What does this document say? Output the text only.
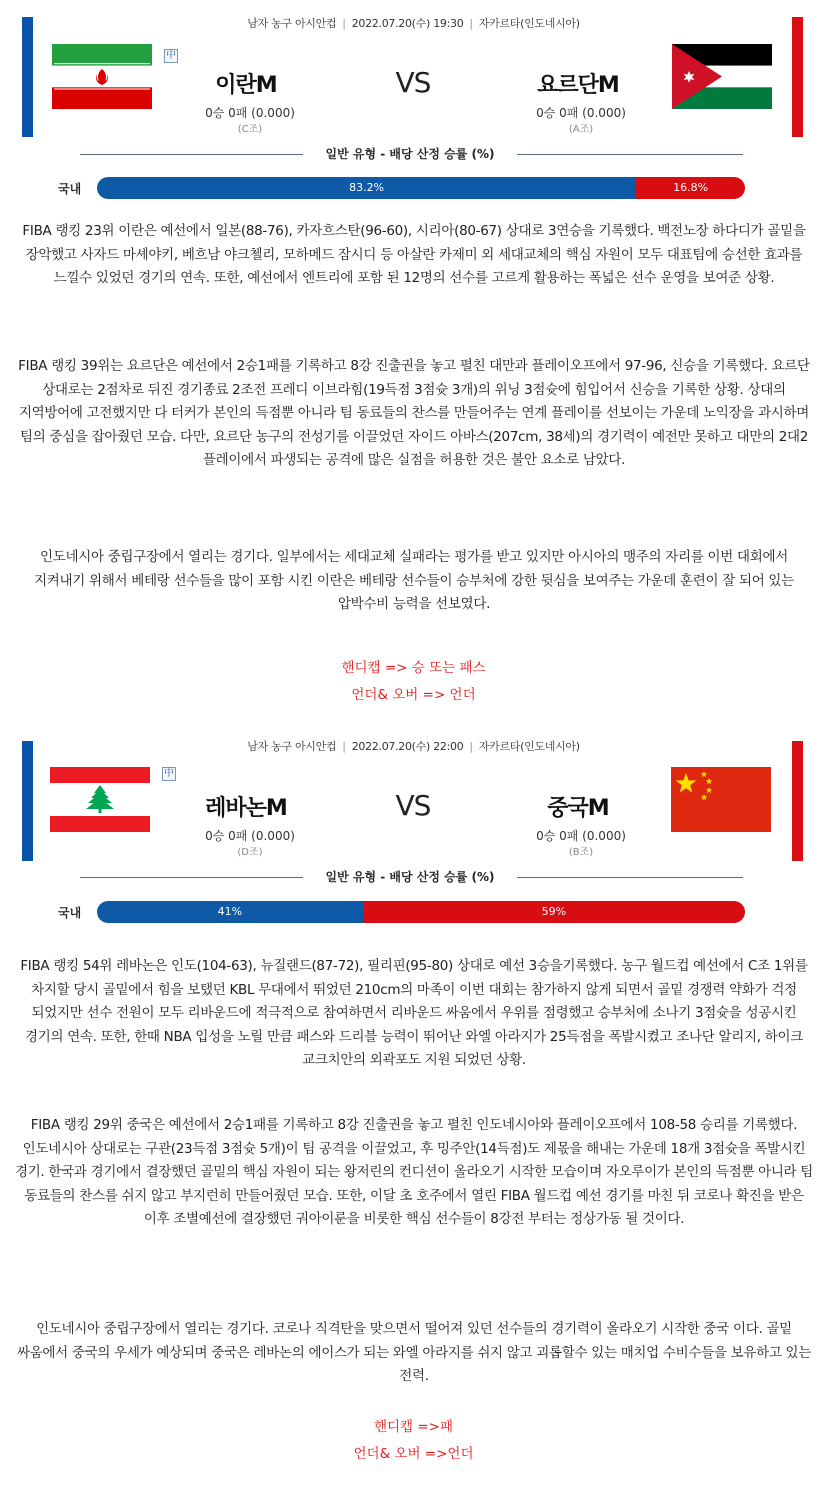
남자 농구 아시안컵 | 2022.07.20(수) 19:30 | 자카르타(인도네시아)
中
이란M	VS	요르단M
0승 0패 (0.000)
(C조)
0승 0패 (0.000)
(A조)
일반 유형 - 배당 산정 승률 (%)
국내	83.2%	16.8%

FIBA 랭킹 23위 이란은 예선에서 일본(88-76), 카자흐스탄(96-60), 시리아(80-67) 상대로 3연승을 기록했다. 백전노장 하다디가 골밑을 장악했고 사자드 마셰야키, 베흐남 야크첼리, 모하메드 잠시디 등 아살란 카제미 외 세대교체의 핵심 자원이 모두 대표팀에 승선한 효과를 느낄수 있었던 경기의 연속. 또한, 예선에서 엔트리에 포함 된 12명의 선수를 고르게 활용하는 폭넓은 선수 운영을 보여준 상황.

FIBA 랭킹 39위는 요르단은 예선에서 2승1패를 기록하고 8강 진출권을 놓고 펼친 대만과 플레이오프에서 97-96, 신승을 기록했다. 요르단 상대로는 2점차로 뒤진 경기종료 2조전 프레디 이브라힘(19득점 3점슛 3개)의 위닝 3점슛에 힘입어서 신승을 기록한 상황. 상대의 지역방어에 고전했지만 다 터커가 본인의 득점뿐 아니라 팀 동료들의 찬스를 만들어주는 연계 플레이를 선보이는 가운데 노익장을 과시하며 팀의 중심을 잡아줬던 모습. 다만, 요르단 농구의 전성기를 이끌었던 자이드 아바스(207cm, 38세)의 경기력이 예전만 못하고 대만의 2대2 플레이에서 파생되는 공격에 많은 실점을 허용한 것은 불안 요소로 남았다.

인도네시아 중립구장에서 열리는 경기다. 일부에서는 세대교체 실패라는 평가를 받고 있지만 아시아의 맹주의 자리를 이번 대회에서 지켜내기 위해서 베테랑 선수들을 많이 포함 시킨 이란은 베테랑 선수들이 승부처에 강한 뒷심을 보여주는 가운데 훈련이 잘 되어 있는 압박수비 능력을 선보였다.

핸디캡 => 승 또는 패스
언더& 오버 => 언더
남자 농구 아시안컵 | 2022.07.20(수) 22:00 | 자카르타(인도네시아)
中
레바논M	VS	중국M
0승 0패 (0.000)
(D조)
0승 0패 (0.000)
(B조)
일반 유형 - 배당 산정 승률 (%)
국내	41%	59%

FIBA 랭킹 54위 레바논은 인도(104-63), 뉴질랜드(87-72), 필리핀(95-80) 상대로 예선 3승을기록했다. 농구 월드컵 예선에서 C조 1위를 차지할 당시 골밑에서 힘을 보탰던 KBL 무대에서 뛰었던 210cm의 마족이 이번 대회는 참가하지 않게 되면서 골밑 경쟁력 약화가 걱정 되었지만 선수 전원이 모두 리바운드에 적극적으로 참여하면서 리바운드 싸움에서 우위를 점령했고 승부처에 소나기 3점슛을 성공시킨 경기의 연속. 또한, 한때 NBA 입성을 노릴 만큼 패스와 드리블 능력이 뛰어난 와엘 아라지가 25득점을 폭발시켰고 조나단 알리지, 하이크 교크치안의 외곽포도 지원 되었던 상황.

FIBA 랭킹 29위 중국은 예선에서 2승1패를 기록하고 8강 진출권을 놓고 펼친 인도네시아와 플레이오프에서 108-58 승리를 기록했다. 인도네시아 상대로는 구관(23득점 3점슛 5개)이 팀 공격을 이끌었고, 후 밍주안(14득점)도 제몫을 해내는 가운데 18개 3점슛을 폭발시킨 경기. 한국과 경기에서 결장했던 골밑의 핵심 자원이 되는 왕저린의 컨디션이 올라오기 시작한 모습이며 자오루이가 본인의 득점뿐 아니라 팀 동료들의 찬스를 쉬지 않고 부지런히 만들어줬던 모습. 또한, 이달 초 호주에서 열린 FIBA 월드컵 예선 경기를 마친 뒤 코로나 확진을 받은 이후 조별예선에 결장했던 궈아이룬을 비롯한 핵심 선수들이 8강전 부터는 정상가동 될 것이다.

인도네시아 중립구장에서 열리는 경기다. 코로나 직격탄을 맞으면서 떨어져 있던 선수들의 경기력이 올라오기 시작한 중국 이다. 골밑 싸움에서 중국의 우세가 예상되며 중국은 레바논의 에이스가 되는 와엘 아라지를 쉬지 않고 괴롭할수 있는 매치업 수비수들을 보유하고 있는 전력.

핸디캡 =>패
언더& 오버 =>언더
